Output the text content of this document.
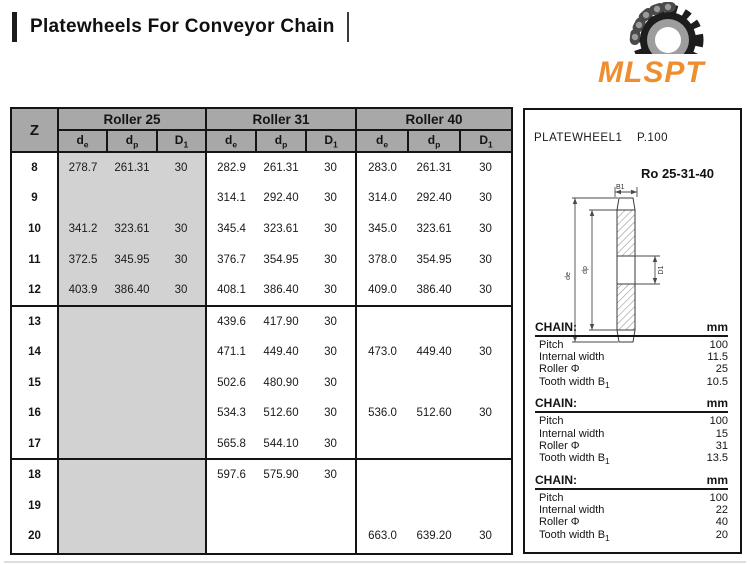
Platewheels For Conveyor Chain
MLSPT
Z	Roller 25			Roller 31			Roller 40		
	$d_e$	$d_p$	$D_1$	$d_e$	$d_p$	$D_1$	$d_e$	$d_p$	$D_1$
8	278.7	261.31	30	282.9	261.31	30	283.0	261.31	30
9				314.1	292.40	30	314.0	292.40	30
10	341.2	323.61	30	345.4	323.61	30	345.0	323.61	30
11	372.5	345.95	30	376.7	354.95	30	378.0	354.95	30
12	403.9	386.40	30	408.1	386.40	30	409.0	386.40	30
13				439.6	417.90	30			
14				471.1	449.40	30	473.0	449.40	30
15				502.6	480.90	30			
16				534.3	512.60	30	536.0	512.60	30
17				565.8	544.10	30			
18				597.6	575.90	30			
19									
20							663.0	639.20	30

PLATEWHEEL1 P.100
Ro 25-31-40
B1
de
dp	D1
CHAIN:	mm
Pitch	100
Internal width	11.5
Roller Φ	25
Tooth width $B_1$	10.5
CHAIN:	mm
Pitch	100
Internal width	15
Roller Φ	31
Tooth width $B_1$	13.5
CHAIN:	mm
Pitch	100
Internal width	22
Roller Φ	40
Tooth width $B_1$	20
